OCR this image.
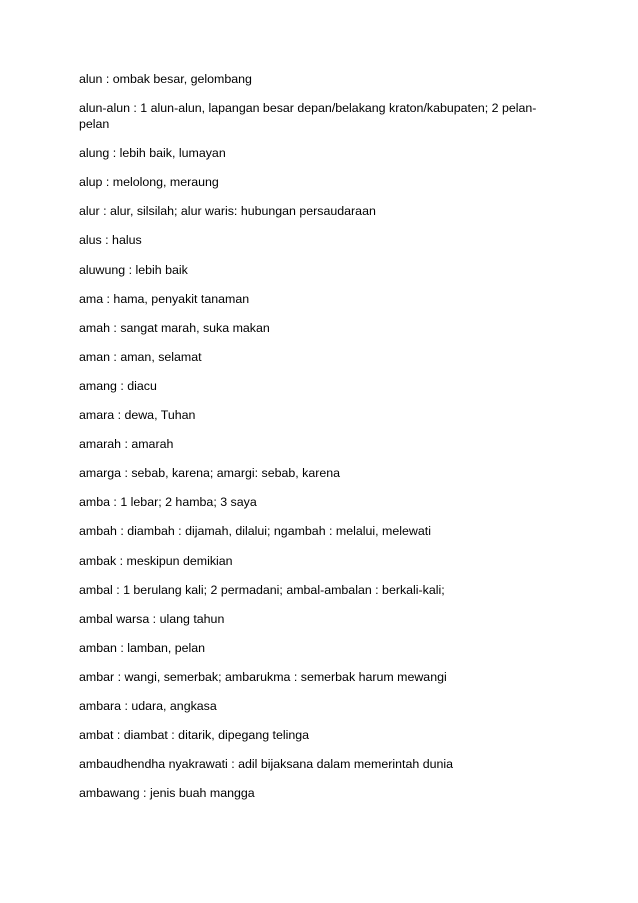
alun : ombak besar, gelombang
alun-alun : 1 alun-alun, lapangan besar depan/belakang kraton/kabupaten; 2 pelan-
pelan
alung : lebih baik, lumayan
alup : melolong, meraung
alur : alur, silsilah; alur waris: hubungan persaudaraan
alus : halus
aluwung : lebih baik
ama : hama, penyakit tanaman
amah : sangat marah, suka makan
aman : aman, selamat
amang : diacu
amara : dewa, Tuhan
amarah : amarah
amarga : sebab, karena; amargi: sebab, karena
amba : 1 lebar; 2 hamba; 3 saya
ambah : diambah : dijamah, dilalui; ngambah : melalui, melewati
ambak : meskipun demikian
ambal : 1 berulang kali; 2 permadani; ambal-ambalan : berkali-kali;
ambal warsa : ulang tahun
amban : lamban, pelan
ambar : wangi, semerbak; ambarukma : semerbak harum mewangi
ambara : udara, angkasa
ambat : diambat : ditarik, dipegang telinga
ambaudhendha nyakrawati : adil bijaksana dalam memerintah dunia
ambawang : jenis buah mangga
